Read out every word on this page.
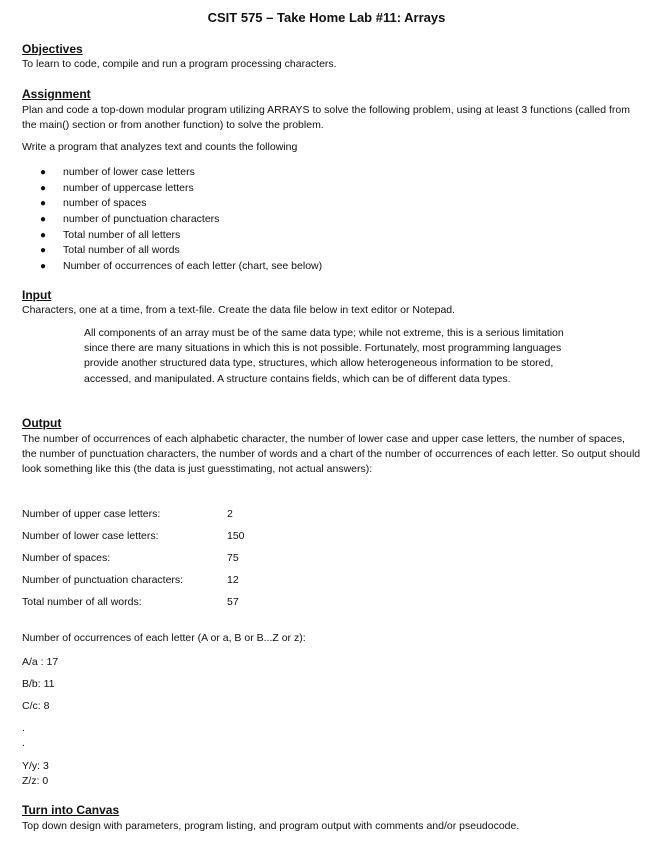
CSIT 575 – Take Home Lab #11: Arrays
Objectives
To learn to code, compile and run a program processing characters.
Assignment
Plan and code a top-down modular program utilizing ARRAYS to solve the following problem, using at least 3 functions (called from the main() section or from another function) to solve the problem.
Write a program that analyzes text and counts the following
● number of lower case letters
● number of uppercase letters
● number of spaces
● number of punctuation characters
● Total number of all letters
● Total number of all words
● Number of occurrences of each letter (chart, see below)
Input
Characters, one at a time, from a text-file. Create the data file below in text editor or Notepad.
All components of an array must be of the same data type; while not extreme, this is a serious limitation since there are many situations in which this is not possible. Fortunately, most programming languages provide another structured data type, structures, which allow heterogeneous information to be stored, accessed, and manipulated. A structure contains fields, which can be of different data types.
Output
The number of occurrences of each alphabetic character, the number of lower case and upper case letters, the number of spaces, the number of punctuation characters, the number of words and a chart of the number of occurrences of each letter. So output should look something like this (the data is just guesstimating, not actual answers):
Number of upper case letters:	2
Number of lower case letters:	150
Number of spaces:	75
Number of punctuation characters:	12
Total number of all words:	57
Number of occurrences of each letter (A or a, B or B...Z or z):
A/a : 17
B/b: 11
C/c: 8
.
.
Y/y: 3
Z/z: 0
Turn into Canvas
Top down design with parameters, program listing, and program output with comments and/or pseudocode.
